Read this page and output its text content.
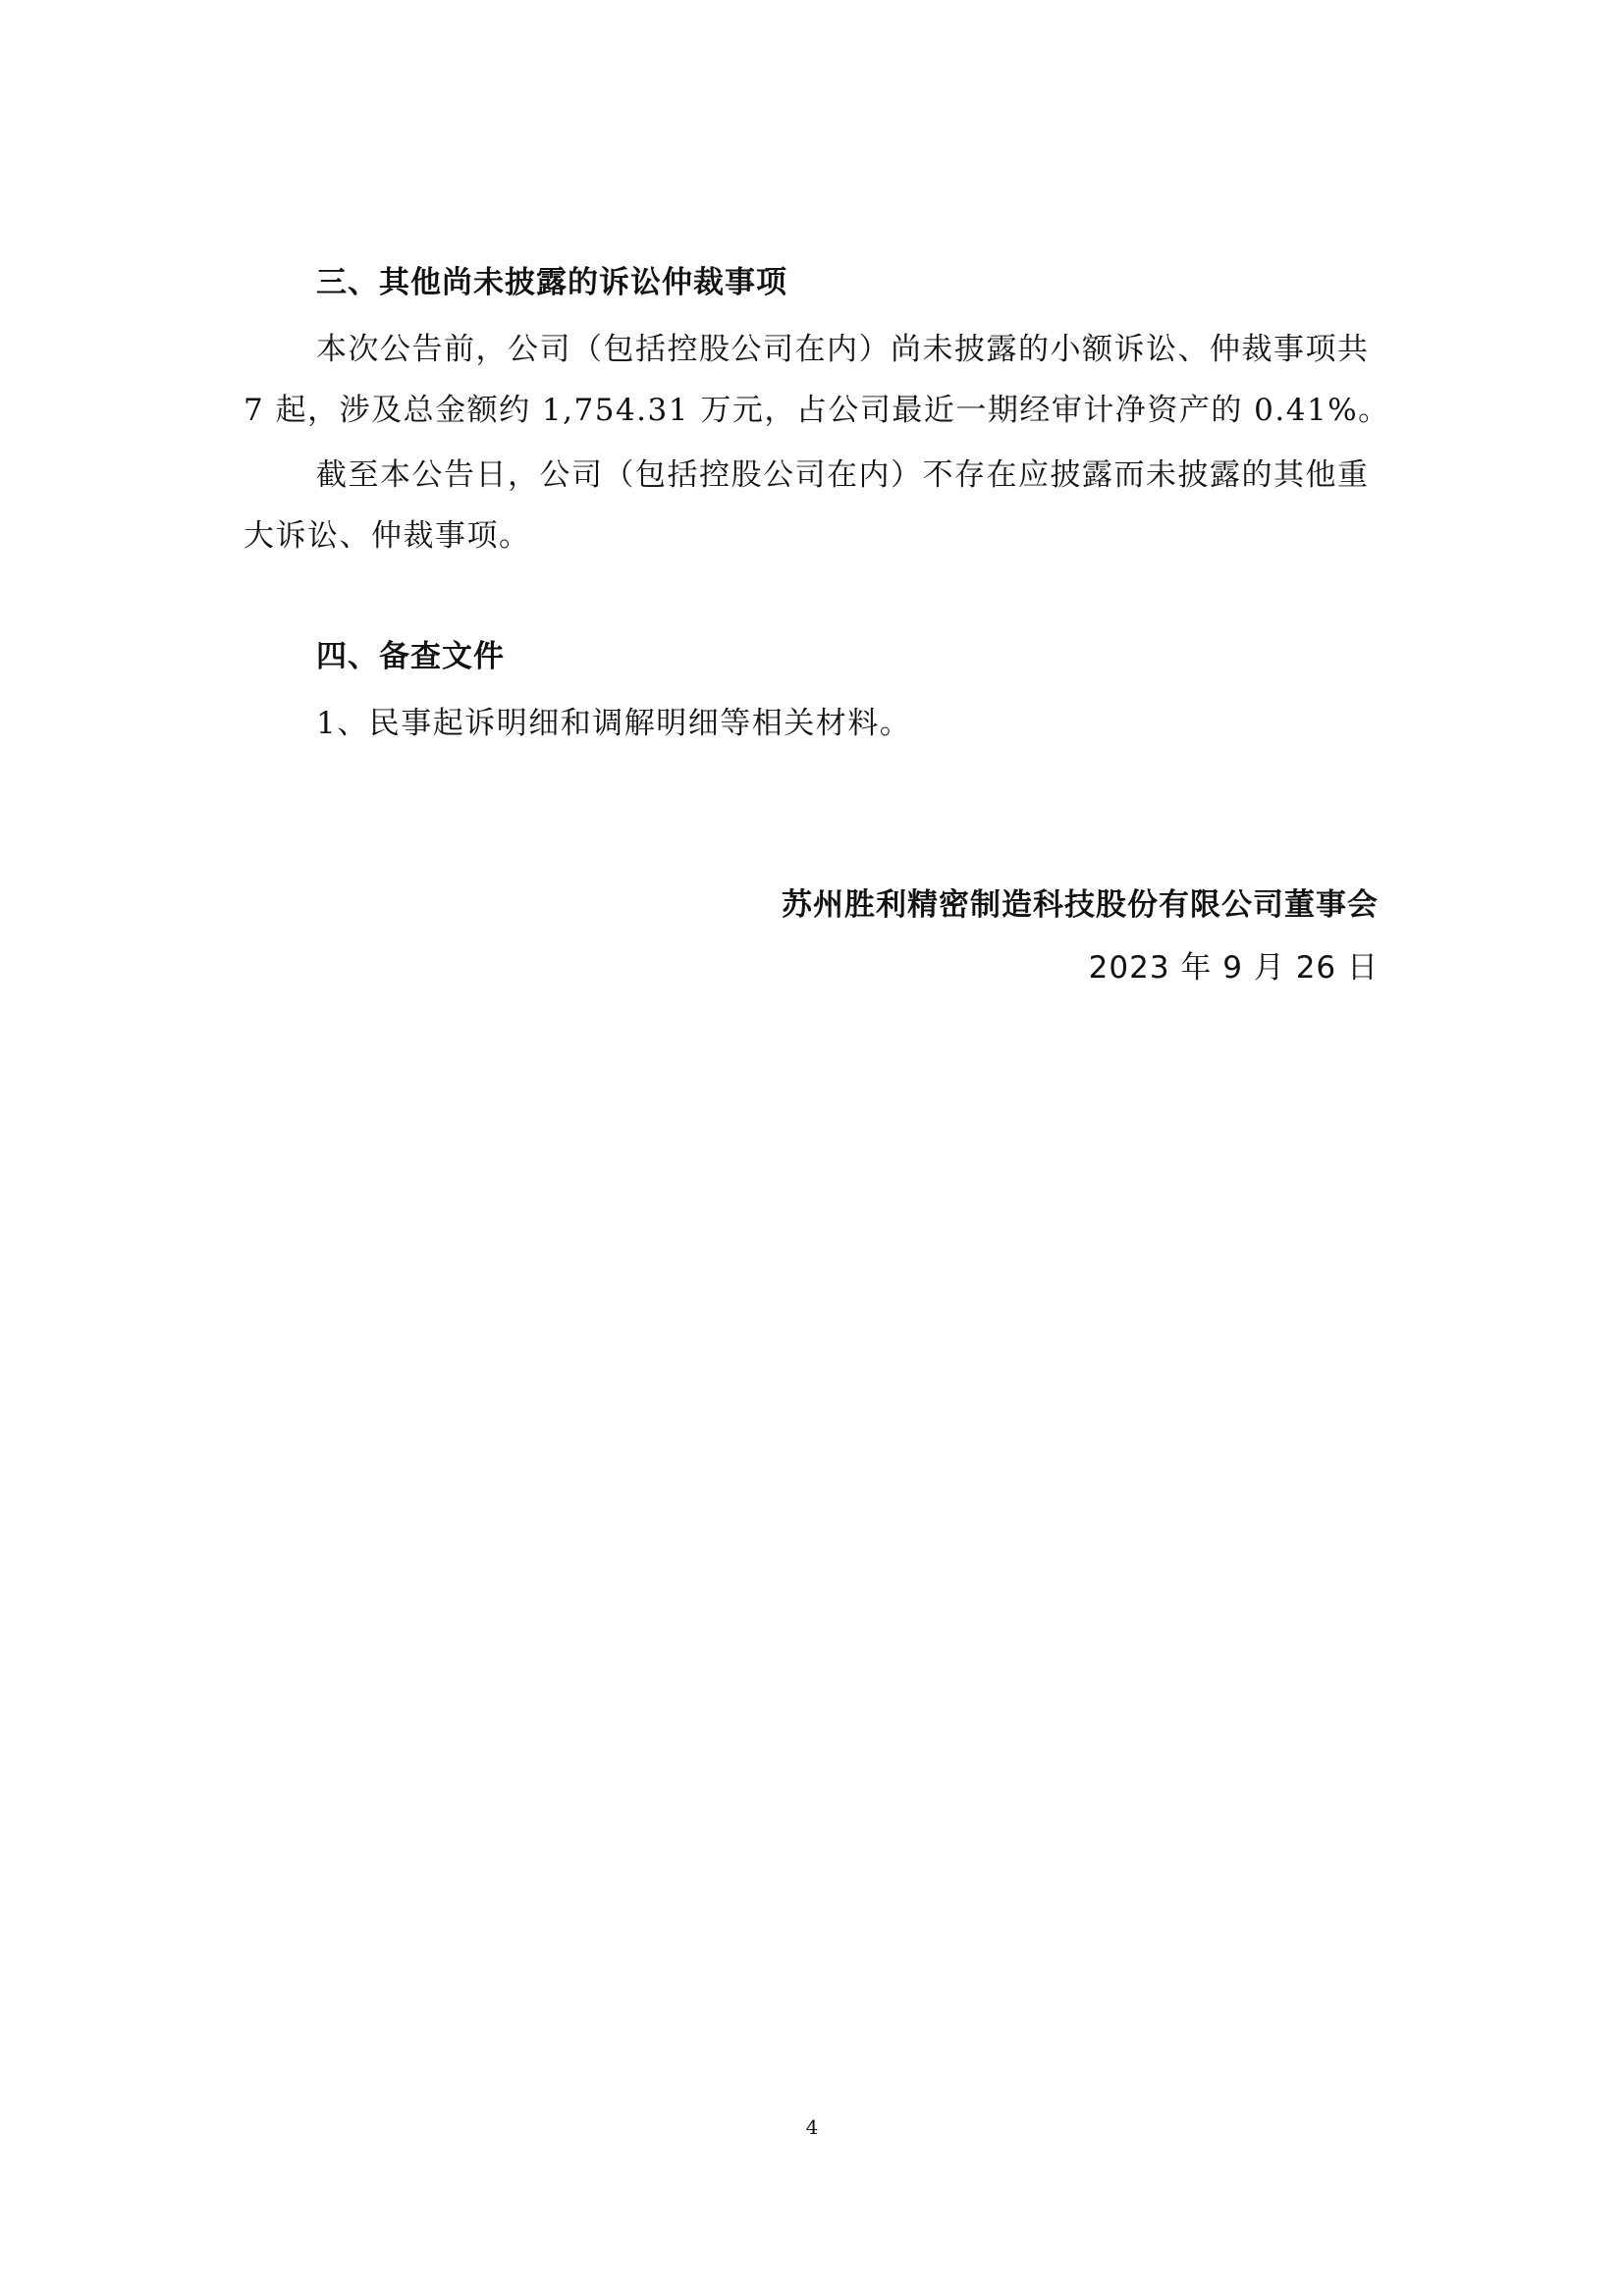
三、其他尚未披露的诉讼仲裁事项
本次公告前，公司（包括控股公司在内）尚未披露的小额诉讼、仲裁事项共
7 起，涉及总金额约 1,754.31 万元，占公司最近一期经审计净资产的 0.41%。
截至本公告日，公司（包括控股公司在内）不存在应披露而未披露的其他重
大诉讼、仲裁事项。
四、备查文件
1、民事起诉明细和调解明细等相关材料。
苏州胜利精密制造科技股份有限公司董事会
2023 年 9 月 26 日
4
